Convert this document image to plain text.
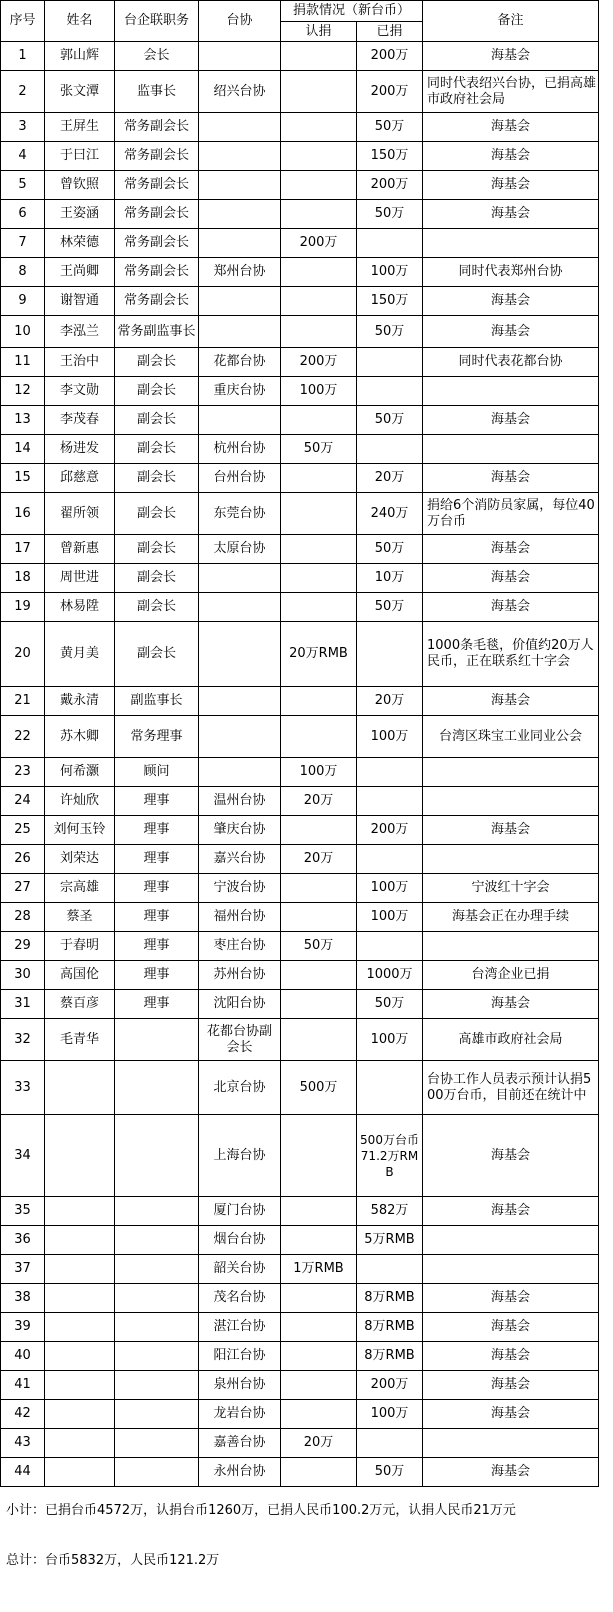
序号	姓名	台企联职务	台协	捐款情况（新台币）		备注
				认捐	已捐	
1	郭山辉	会长			200万	海基会
2	张文潭	监事长	绍兴台协		200万	同时代表绍兴台协，已捐高雄市政府社会局
3	王屏生	常务副会长			50万	海基会
4	于曰江	常务副会长			150万	海基会
5	曾钦照	常务副会长			200万	海基会
6	王姿涵	常务副会长			50万	海基会
7	林荣德	常务副会长		200万		
8	王尚卿	常务副会长	郑州台协		100万	同时代表郑州台协
9	谢智通	常务副会长			150万	海基会
10	李泓兰	常务副监事长			50万	海基会
11	王治中	副会长	花都台协	200万		同时代表花都台协
12	李文勋	副会长	重庆台协	100万		
13	李茂春	副会长			50万	海基会
14	杨进发	副会长	杭州台协	50万		
15	邱慈意	副会长	台州台协		20万	海基会
16	翟所领	副会长	东莞台协		240万	捐给6个消防员家属，每位40万台币
17	曾新惠	副会长	太原台协		50万	海基会
18	周世进	副会长			10万	海基会
19	林易陞	副会长			50万	海基会
20	黄月美	副会长		20万RMB		1000条毛毯，价值约20万人民币，正在联系红十字会
21	戴永清	副监事长			20万	海基会
22	苏木卿	常务理事			100万	台湾区珠宝工业同业公会
23	何希灏	顾问		100万		
24	许灿欣	理事	温州台协	20万		
25	刘何玉铃	理事	肇庆台协		200万	海基会
26	刘荣达	理事	嘉兴台协	20万		
27	宗高雄	理事	宁波台协		100万	宁波红十字会
28	蔡圣	理事	福州台协		100万	海基会正在办理手续
29	于春明	理事	枣庄台协	50万		
30	高国伦	理事	苏州台协		1000万	台湾企业已捐
31	蔡百彦	理事	沈阳台协		50万	海基会
32	毛青华		花都台协副会长		100万	高雄市政府社会局
33			北京台协	500万		台协工作人员表示预计认捐500万台币，目前还在统计中
34			上海台协		500万台币 71.2万RMB	海基会
35			厦门台协		582万	海基会
36			烟台台协		5万RMB	
37			韶关台协	1万RMB		
38			茂名台协		8万RMB	海基会
39			湛江台协		8万RMB	海基会
40			阳江台协		8万RMB	海基会
41			泉州台协		200万	海基会
42			龙岩台协		100万	海基会
43			嘉善台协	20万		
44			永州台协		50万	海基会
小计：已捐台币4572万，认捐台币1260万，已捐人民币100.2万元，认捐人民币21万元
总计：台币5832万，人民币121.2万
